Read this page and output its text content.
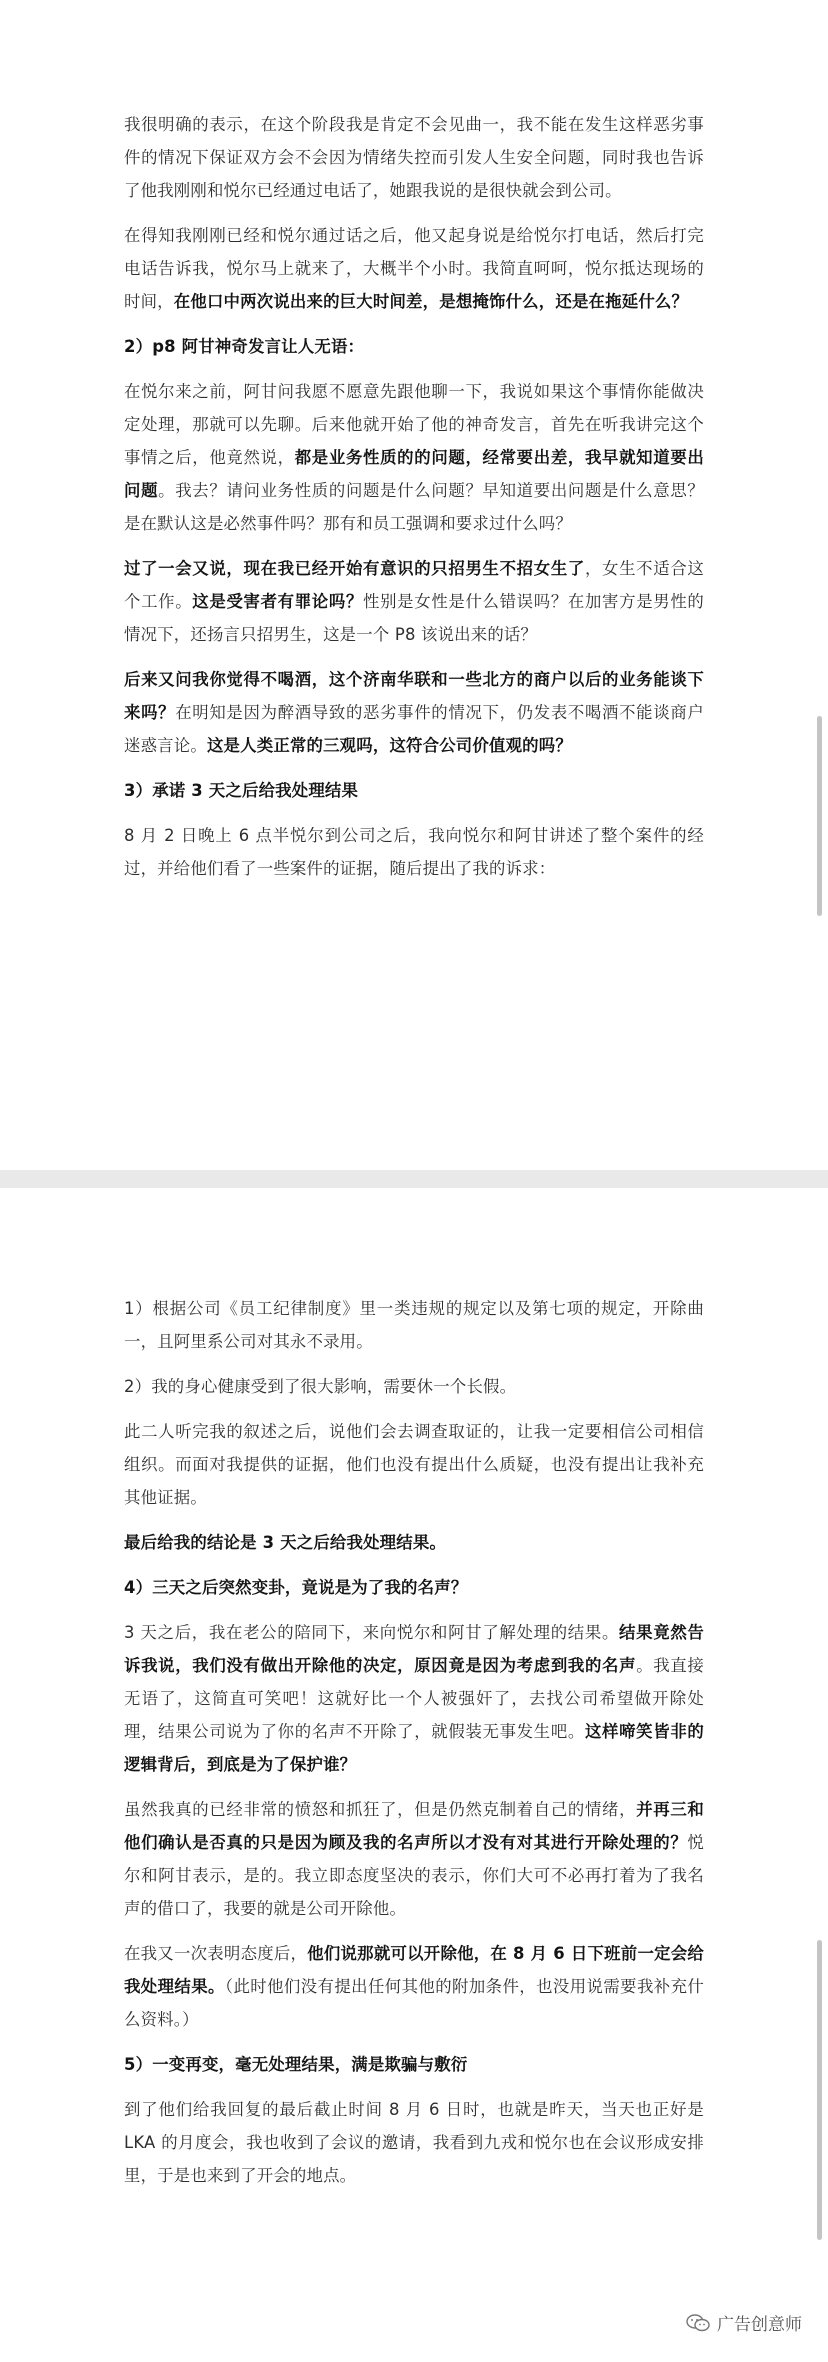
我很明确的表示，在这个阶段我是肯定不会见曲一，我不能在发生这样恶劣事件的情况下保证双方会不会因为情绪失控而引发人生安全问题，同时我也告诉了他我刚刚和悦尔已经通过电话了，她跟我说的是很快就会到公司。

在得知我刚刚已经和悦尔通过话之后，他又起身说是给悦尔打电话，然后打完电话告诉我，悦尔马上就来了，大概半个小时。我简直呵呵，悦尔抵达现场的时间，在他口中两次说出来的巨大时间差，是想掩饰什么，还是在拖延什么？

2）p8 阿甘神奇发言让人无语：

在悦尔来之前，阿甘问我愿不愿意先跟他聊一下，我说如果这个事情你能做决定处理，那就可以先聊。后来他就开始了他的神奇发言，首先在听我讲完这个事情之后，他竟然说，都是业务性质的的问题，经常要出差，我早就知道要出问题。我去？请问业务性质的问题是什么问题？早知道要出问题是什么意思？是在默认这是必然事件吗？那有和员工强调和要求过什么吗？

过了一会又说，现在我已经开始有意识的只招男生不招女生了，女生不适合这个工作。这是受害者有罪论吗？性别是女性是什么错误吗？在加害方是男性的情况下，还扬言只招男生，这是一个 P8 该说出来的话？

后来又问我你觉得不喝酒，这个济南华联和一些北方的商户以后的业务能谈下来吗？在明知是因为醉酒导致的恶劣事件的情况下，仍发表不喝酒不能谈商户迷惑言论。这是人类正常的三观吗，这符合公司价值观的吗？

3）承诺 3 天之后给我处理结果

8 月 2 日晚上 6 点半悦尔到公司之后，我向悦尔和阿甘讲述了整个案件的经过，并给他们看了一些案件的证据，随后提出了我的诉求：

1）根据公司《员工纪律制度》里一类违规的规定以及第七项的规定，开除曲一，且阿里系公司对其永不录用。

2）我的身心健康受到了很大影响，需要休一个长假。

此二人听完我的叙述之后，说他们会去调查取证的，让我一定要相信公司相信组织。而面对我提供的证据，他们也没有提出什么质疑，也没有提出让我补充其他证据。

最后给我的结论是 3 天之后给我处理结果。

4）三天之后突然变卦，竟说是为了我的名声？

3 天之后，我在老公的陪同下，来向悦尔和阿甘了解处理的结果。结果竟然告诉我说，我们没有做出开除他的决定，原因竟是因为考虑到我的名声。我直接无语了，这简直可笑吧！这就好比一个人被强奸了，去找公司希望做开除处理，结果公司说为了你的名声不开除了，就假装无事发生吧。这样啼笑皆非的逻辑背后，到底是为了保护谁？

虽然我真的已经非常的愤怒和抓狂了，但是仍然克制着自己的情绪，并再三和他们确认是否真的只是因为顾及我的名声所以才没有对其进行开除处理的？悦尔和阿甘表示，是的。我立即态度坚决的表示，你们大可不必再打着为了我名声的借口了，我要的就是公司开除他。

在我又一次表明态度后，他们说那就可以开除他，在 8 月 6 日下班前一定会给我处理结果。（此时他们没有提出任何其他的附加条件，也没用说需要我补充什么资料。）

5）一变再变，毫无处理结果，满是欺骗与敷衍

到了他们给我回复的最后截止时间 8 月 6 日时，也就是昨天，当天也正好是 LKA 的月度会，我也收到了会议的邀请，我看到九戎和悦尔也在会议形成安排里，于是也来到了开会的地点。

广告创意师
